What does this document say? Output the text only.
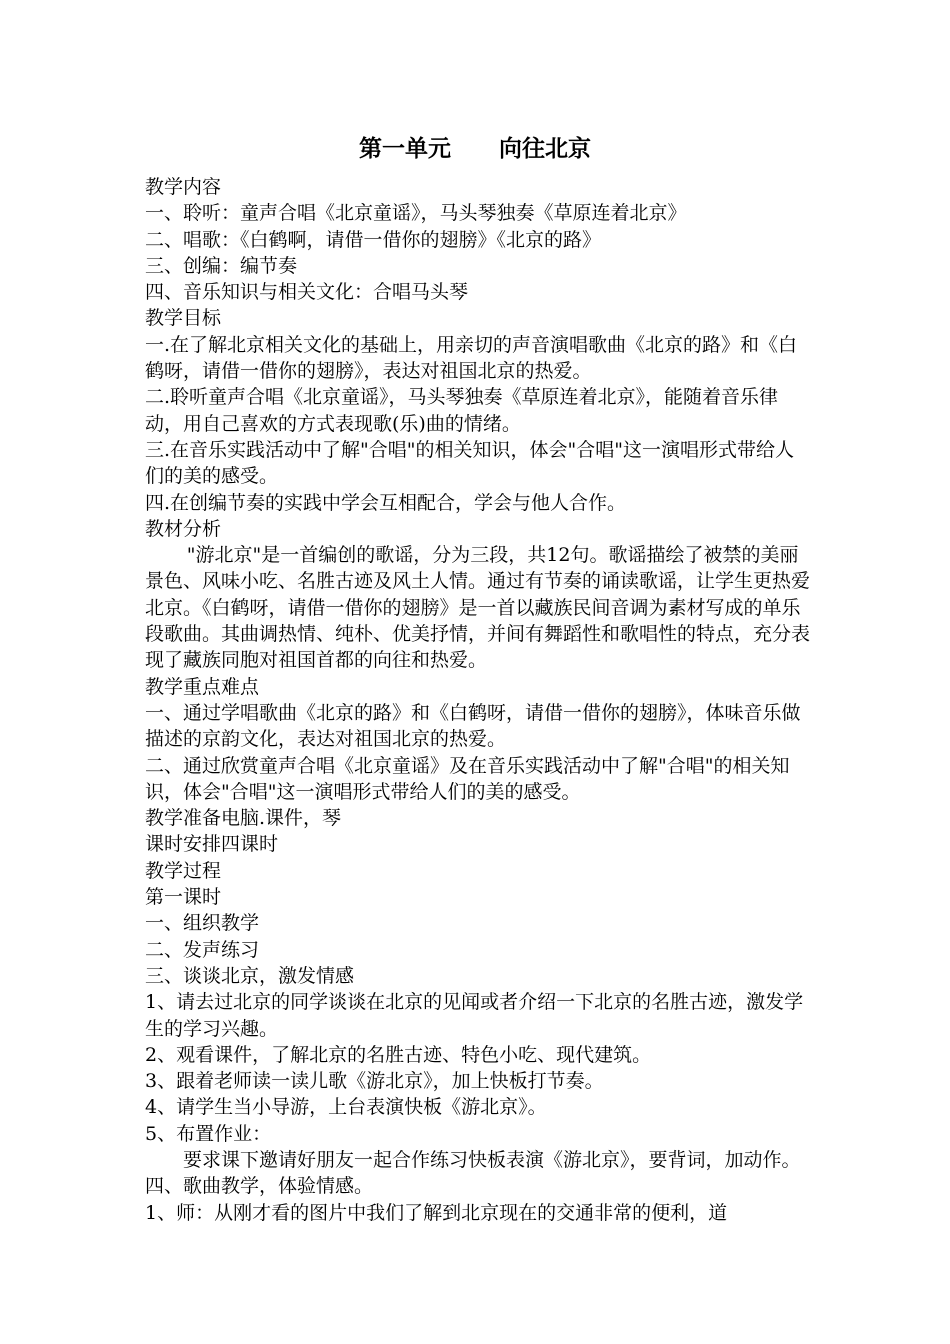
第一单元      向往北京

教学内容

一、聆听：童声合唱《北京童谣》，马头琴独奏《草原连着北京》

二、唱歌：《白鹤啊，请借一借你的翅膀》《北京的路》

三、创编：编节奏

四、音乐知识与相关文化：合唱马头琴

教学目标

一.在了解北京相关文化的基础上，用亲切的声音演唱歌曲《北京的路》和《白鹤呀，请借一借你的翅膀》，表达对祖国北京的热爱。

二.聆听童声合唱《北京童谣》，马头琴独奏《草原连着北京》，能随着音乐律动，用自己喜欢的方式表现歌(乐)曲的情绪。

三.在音乐实践活动中了解"合唱"的相关知识，体会"合唱"这一演唱形式带给人们的美的感受。

四.在创编节奏的实践中学会互相配合，学会与他人合作。

教材分析

"游北京"是一首编创的歌谣，分为三段，共12句。歌谣描绘了被禁的美丽景色、风味小吃、名胜古迹及风土人情。通过有节奏的诵读歌谣，让学生更热爱北京。《白鹤呀，请借一借你的翅膀》是一首以藏族民间音调为素材写成的单乐段歌曲。其曲调热情、纯朴、优美抒情，并间有舞蹈性和歌唱性的特点，充分表现了藏族同胞对祖国首都的向往和热爱。

教学重点难点

一、通过学唱歌曲《北京的路》和《白鹤呀，请借一借你的翅膀》，体味音乐做描述的京韵文化，表达对祖国北京的热爱。

二、通过欣赏童声合唱《北京童谣》及在音乐实践活动中了解"合唱"的相关知识，体会"合唱"这一演唱形式带给人们的美的感受。

教学准备电脑.课件，琴

课时安排四课时

教学过程

第一课时

一、组织教学

二、发声练习

三、谈谈北京，激发情感

1、请去过北京的同学谈谈在北京的见闻或者介绍一下北京的名胜古迹，激发学生的学习兴趣。

2、观看课件，了解北京的名胜古迹、特色小吃、现代建筑。

3、跟着老师读一读儿歌《游北京》，加上快板打节奏。

4、请学生当小导游，上台表演快板《游北京》。

5、布置作业：

要求课下邀请好朋友一起合作练习快板表演《游北京》，要背词，加动作。

四、歌曲教学，体验情感。

1、师：从刚才看的图片中我们了解到北京现在的交通非常的便利，道
